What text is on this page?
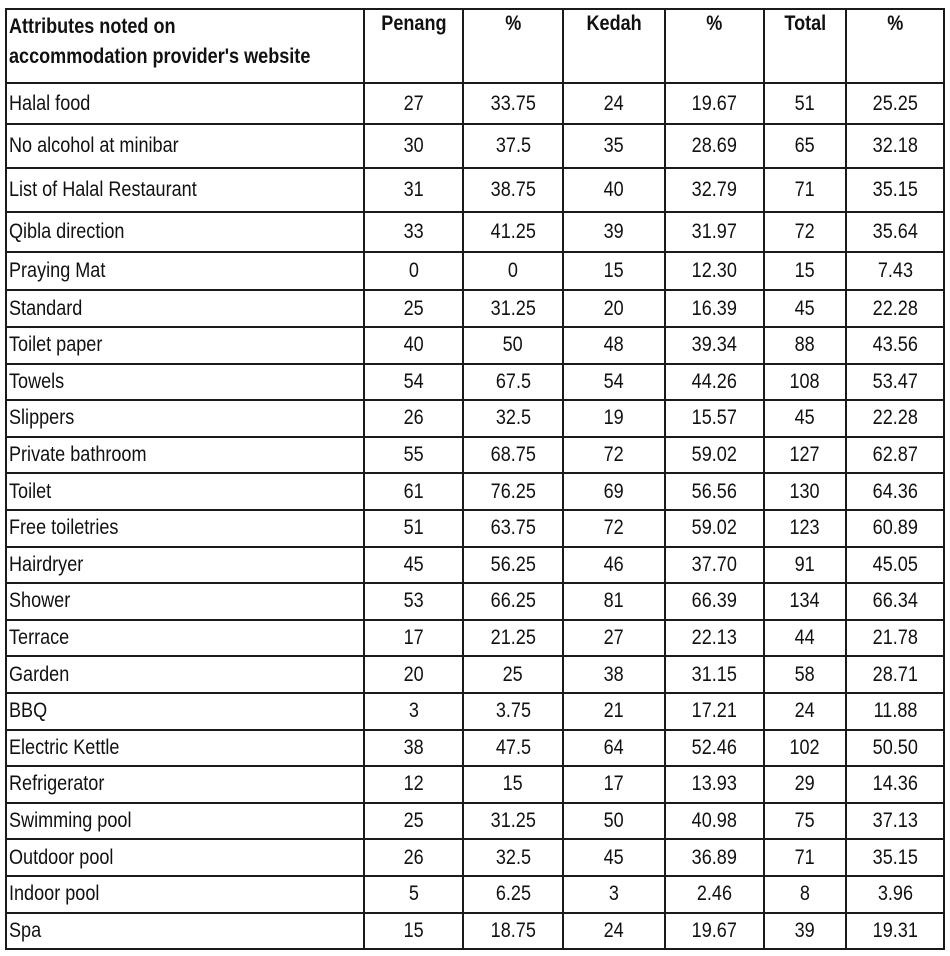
Attributes noted on
accommodation provider's website	Penang	%	Kedah	%	Total	%
Halal food	27	33.75	24	19.67	51	25.25
No alcohol at minibar	30	37.5	35	28.69	65	32.18
List of Halal Restaurant	31	38.75	40	32.79	71	35.15
Qibla direction	33	41.25	39	31.97	72	35.64
Praying Mat	0	0	15	12.30	15	7.43
Standard	25	31.25	20	16.39	45	22.28
Toilet paper	40	50	48	39.34	88	43.56
Towels	54	67.5	54	44.26	108	53.47
Slippers	26	32.5	19	15.57	45	22.28
Private bathroom	55	68.75	72	59.02	127	62.87
Toilet	61	76.25	69	56.56	130	64.36
Free toiletries	51	63.75	72	59.02	123	60.89
Hairdryer	45	56.25	46	37.70	91	45.05
Shower	53	66.25	81	66.39	134	66.34
Terrace	17	21.25	27	22.13	44	21.78
Garden	20	25	38	31.15	58	28.71
BBQ	3	3.75	21	17.21	24	11.88
Electric Kettle	38	47.5	64	52.46	102	50.50
Refrigerator	12	15	17	13.93	29	14.36
Swimming pool	25	31.25	50	40.98	75	37.13
Outdoor pool	26	32.5	45	36.89	71	35.15
Indoor pool	5	6.25	3	2.46	8	3.96
Spa	15	18.75	24	19.67	39	19.31
